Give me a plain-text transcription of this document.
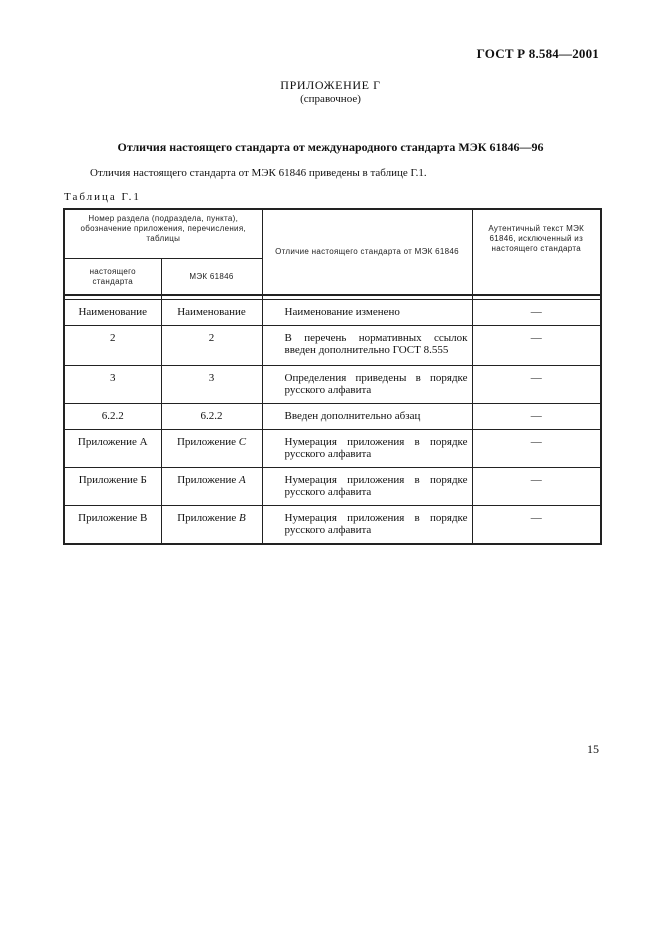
ГОСТ Р 8.584—2001
ПРИЛОЖЕНИЕ Г
(справочное)
Отличия настоящего стандарта от международного стандарта МЭК 61846—96
Отличия настоящего стандарта от МЭК 61846 приведены в таблице Г.1.
Таблица Г.1
Номер раздела (подраздела, пункта), обозначение приложения, перечисления, таблицы		Отличие настоящего стандарта от МЭК 61846	Аутентичный текст МЭК 61846, исключенный из настоящего стандарта
настоящего стандарта	МЭК 61846		

Наименование	Наименование	Наименование изменено	—
2	2	В перечень нормативных ссылок введен дополнительно ГОСТ 8.555	—
3	3	Определения приведены в порядке русского алфавита	—
6.2.2	6.2.2	Введен дополнительно абзац	—
Приложение А	Приложение C	Нумерация приложения в порядке русского алфавита	—
Приложение Б	Приложение A	Нумерация приложения в порядке русского алфавита	—
Приложение В	Приложение B	Нумерация приложения в порядке русского алфавита	—
15
